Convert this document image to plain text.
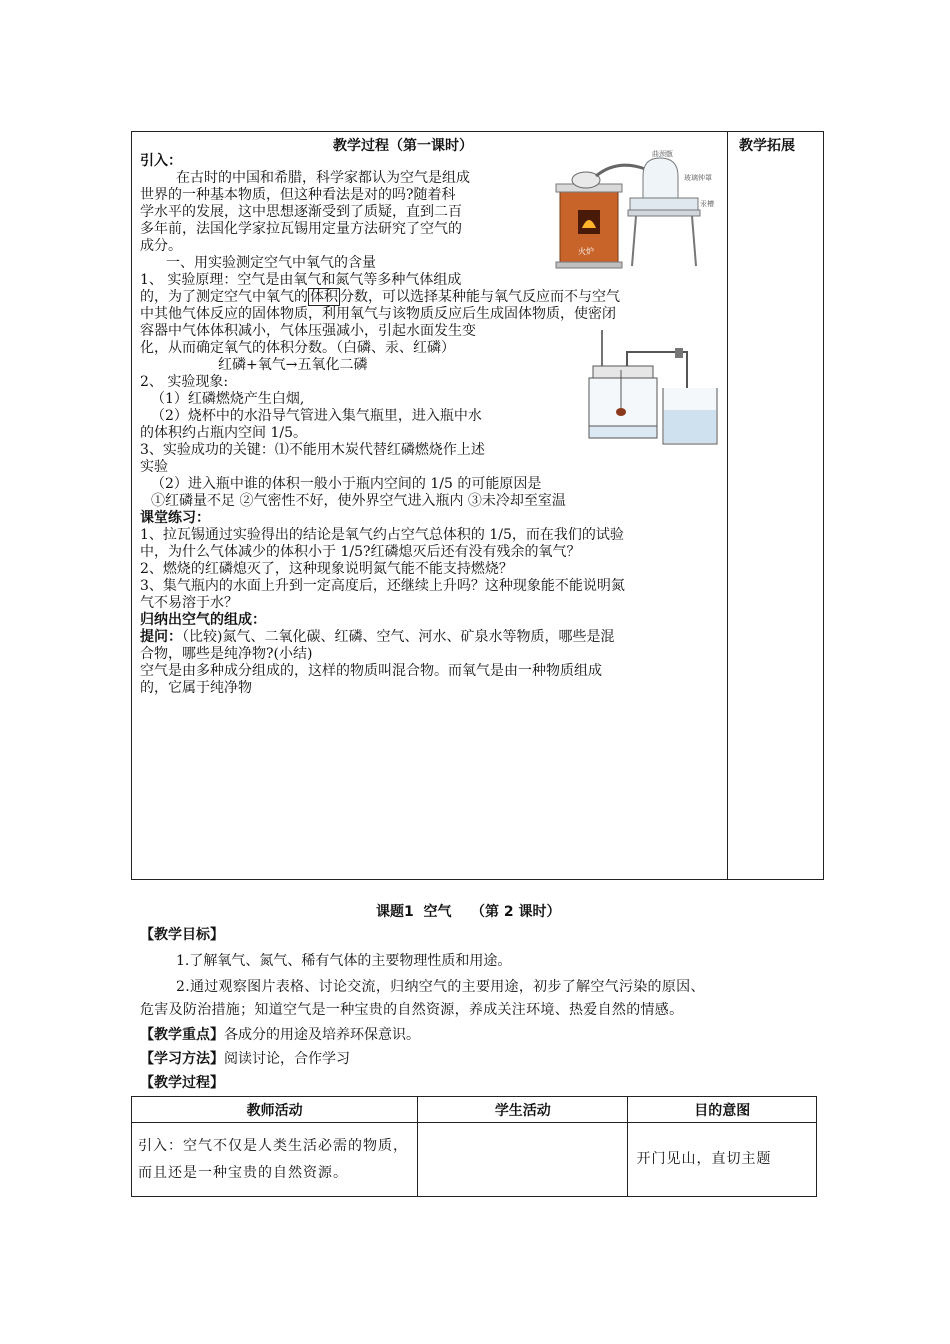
教学过程（第一课时）	教学拓展
引入：
在古时的中国和希腊，科学家都认为空气是组成
世界的一种基本物质，但这种看法是对的吗?随着科
学水平的发展，这中思想逐渐受到了质疑，直到二百
多年前，法国化学家拉瓦锡用定量方法研究了空气的
成分。	火炉
曲颈甑
玻璃钟罩
汞槽
一、用实验测定空气中氧气的含量
1、 实验原理：空气是由氧气和氮气等多种气体组成
的，为了测定空气中氧气的 体积 分数，可以选择某种能与氧气反应而不与空气
中其他气体反应的固体物质，利用氧气与该物质反应后生成固体物质，使密闭
容器中气体体积减小，气体压强减小，引起水面发生变
化，从而确定氧气的体积分数。（白磷、汞、红磷）
红磷+氧气→五氧化二磷
2、 实验现象:
（1）红磷燃烧产生白烟,
（2）烧杯中的水沿导气管进入集气瓶里，进入瓶中水
的体积约占瓶内空间 1/5。
3、实验成功的关键：⑴不能用木炭代替红磷燃烧作上述
实验
（2）进入瓶中谁的体积一般小于瓶内空间的 1/5 的可能原因是
①红磷量不足 ②气密性不好，使外界空气进入瓶内 ③未冷却至室温
课堂练习：
1、拉瓦锡通过实验得出的结论是氧气约占空气总体积的 1/5，而在我们的试验
中，为什么气体减少的体积小于 1/5?红磷熄灭后还有没有残余的氧气？
2、燃烧的红磷熄灭了，这种现象说明氮气能不能支持燃烧？
3、集气瓶内的水面上升到一定高度后，还继续上升吗？这种现象能不能说明氮
气不易溶于水？
归纳出空气的组成：
提问：（比较)氮气、二氧化碳、红磷、空气、河水、矿泉水等物质，哪些是混
合物，哪些是纯净物?(小结)
空气是由多种成分组成的，这样的物质叫混合物。而氧气是由一种物质组成
的，它属于纯净物
课题1  空气    （第 2 课时）
【教学目标】
1.了解氧气、氮气、稀有气体的主要物理性质和用途。
2.通过观察图片表格、讨论交流，归纳空气的主要用途，初步了解空气污染的原因、
危害及防治措施；知道空气是一种宝贵的自然资源，养成关注环境、热爱自然的情感。
【教学重点】各成分的用途及培养环保意识。
【学习方法】阅读讨论，合作学习
【教学过程】
教师活动	学生活动	目的意图

引入：空气不仅是人类生活必需的物质，而且还是一种宝贵的自然资源。		开门见山，直切主题
